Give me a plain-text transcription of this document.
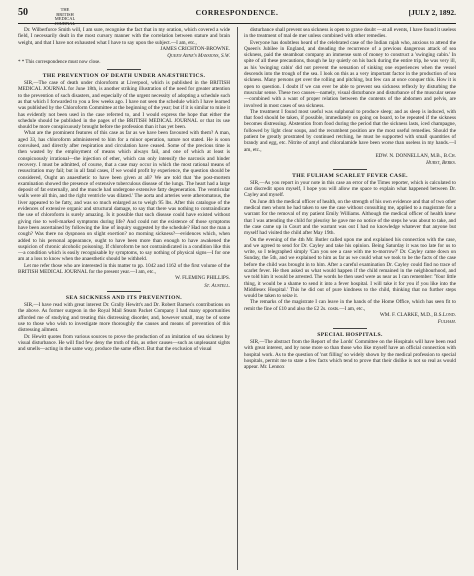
50	THE BRITISH MEDICAL JOURNAL
CORRESPONDENCE.	[JULY 2, 1892.

Dr. Wilberforce Smith will, I am sure, recognise the fact that in my oration, which covered a wide field, I necessarily dealt in the most cursory manner with the correlation between stature and brain weight, and that I have not exhausted what I have to say upon the subject.—I am, etc.,

JAMES CRICHTON-BROWNE.

Queen Anne's Mansions, S.W.

* * This correspondence must now close.

THE PREVENTION OF DEATH UNDER ANÆSTHETICS.

SIR,—The case of death under chloroform at Liverpool, which is published in the BRITISH MEDICAL JOURNAL for June 18th, is another striking illustration of the need for greater attention to the prevention of such disasters, and especially of the urgent necessity of adopting a schedule such as that which I forwarded to you a few weeks ago. I have not seen the schedule which I have learned was published by the Chloroform Committee at the beginning of the year; but if it is similar to mine it has evidently not been used in the case referred to, and I would express the hope that either the schedule should be published in the pages of the BRITISH MEDICAL JOURNAL or that its use should be more conspicuously brought before the profession than it has yet been.

What are the prominent features of this case as far as we have been favoured with them? A man, aged 33, has chloroform administered to him for a minor operation, nature not stated. He is soon convulsed, and directly after respiration and circulation have ceased. Some of the precious time is then wasted by the employment of means which always fail, and one of which at least is conspicuously irrational—the injection of ether, which can only intensify the narcosis and hinder recovery. I must be admitted, of course, that a case may occur in which the most rational means of resuscitation may fail; but in all fatal cases, if we would profit by experience, the question should be considered, Ought an anaesthetic to have been given at all? We are told that 'the post-mortem examination showed the presence of extensive tuberculous disease of the lungs. The heart had a large deposit of fat externally, and the muscle had undergone extensive fatty degeneration. The ventricular walls were all thin, and the right ventricle was dilated.' The aorta and arteries were atheromatous, the liver appeared to be fatty, and was so much enlarged as to weigh 95 lbs. After this catalogue of the evidences of extensive organic and structural damage, to say that there was nothing to contraindicate the use of chloroform is surely amazing. Is it possible that such disease could have existed without giving rise to well-marked symptoms during life? And could not the existence of those symptoms have been ascertained by following the line of inquiry suggested by the schedule? Had not the man a cough? Was there no dyspnoea on slight exertion? no morning sickness?—evidences which, when added to his personal appearance, ought to have been more than enough to have awakened the suspicion of chronic alcoholic poisoning. If chloroform be not contraindicated in a condition like this—a condition which is easily recognisable by symptoms, to say nothing of physical signs—I for one am at a loss to know when the anaesthetic should be withheld.

Let me refer those who are interested in this matter to pp. 1042 and 1162 of the first volume of the BRITISH MEDICAL JOURNAL for the present year.—I am, etc.,

W. FLEMING PHILLIPS.

St. Austell.

SEA SICKNESS AND ITS PREVENTION.

SIR,—I have read with great interest Dr. Grally Hewitt's and Dr. Robert Barnes's contributions on the above. As former surgeon in the Royal Mail Steam Packet Company I had many opportunities afforded me of studying and treating this distressing disorder, and, however small, may be of some use to those who wish to investigate more thoroughly the causes and means of prevention of this distressing ailment.

Dr. Hewitt quotes from various sources to prove the production of an imitation of sea sickness by visual disturbance. He will find few deny the truth of this, as other causes—such as unpleasant sights and smells—acting in the same way, produce the same effect. But that the exclusion of visual

disturbance shall prevent sea sickness is open to grave doubt —at all events, I have found it useless in the treatment of mal de mer unless combined with other remedies.

Everyone has doubtless heard of the celebrated case of the Indian rajah who, anxious to attend the Queen's Jubilee in England, and dreading the recurrence of a previous dangerous attack of sea sickness, paid the steamboat company an immense sum of money to construct a 'swinging cabin.' In spite of all these precautions, though he lay quietly on his back during the entire trip, he was very ill, as his 'swinging cabin' did not prevent the sensation of sinking one experiences when the vessel descends into the trough of the sea. I look on this as a very important factor in the production of sea sickness. Many persons get over the rolling and pitching, but few can at once conquer this. How it is open to question. I doubt if we can ever be able to prevent sea sickness reflexly by disturbing the muscular sense. These two causes—namely, visual disturbance and disturbance of the muscular sense—combined with a want of proper relation between the contents of the abdomen and pelvis, are involved in most cases of sea sickness.

The treatment I found most useful was sulphonal to produce sleep; and as sleep is induced, with that food should be taken, if possible, immediately on going on board, to be repeated if the sickness becomes distressing. Abstention from food during the period that the sickness lasts, iced champagne, followed by light clear soups, and the recumbent position are the most useful remedies. Should the patient be greatly prostrated by continued retching, he must be supported with small quantities of brandy and egg, etc. Nitrite of amyl and chloralamide have been worse than useless in my hands.—I am, etc.,

EDW. N. DONNELLAN, M.B., B.Ch.

Hurst, Berks.

THE FULHAM SCARLET FEVER CASE.

SIR,—As you report in your note in this case an error of the Times reporter, which is calculated to cast discredit upon myself, I hope you will allow me space to explain what happened between Dr. Cayley and myself.

On June 4th the medical officer of health, on the strength of his own evidence and that of two other medical men whom he had taken to see the case without consulting me, applied to a magistrate for a warrant for the removal of my patient Emily Williams. Although the medical officer of health knew that I was attending the child for pleurisy he gave me no notice of the steps he was about to take, and the case came up in Court and the warrant was out I had no knowledge whatever that anyone but myself had visited the child after May 19th.

On the evening of the 4th Mr. Butler called upon me and explained his connection with the case, and we agreed to send for Dr. Cayley and take his opinion. Being Saturday it was too late for us to write, so I telegraphed simply 'Can you see a case with me to-morrow?' Dr. Cayley came down on Sunday, the 5th, and we explained to him as far as we could what we took to be the facts of the case before the child was brought in to him. After a careful examination Dr. Cayley could find no trace of scarlet fever. He then asked us what would happen if the child remained in the neighbourhood, and we told him it would be arrested. The words he then used were as near as I can remember: 'Your little thing, it would be a shame to send it into a fever hospital. I will take it for you if you like into the Middlesex Hospital.' This he did out of pure kindness to the child, thinking that no further steps would be taken to seize it.

The remarks of the magistrate I can leave in the hands of the Home Office, which has seen fit to remit the fine of £10 and also the £2 2s. costs.—I am, etc.,

WM. F. CLARKE, M.D., B.S.Lond.

Fulham.

SPECIAL HOSPITALS.

SIR,—The abstract from the Report of the Lords' Committee on the Hospitals will have been read with great interest, and by none more so than those who like myself have an official connection with hospital work. As to the question of 'not filling' so widely shown by the medical profession to special hospitals, permit me to state a few facts which tend to prove that their dislike is not so real as would appear. Mr. Lennox
